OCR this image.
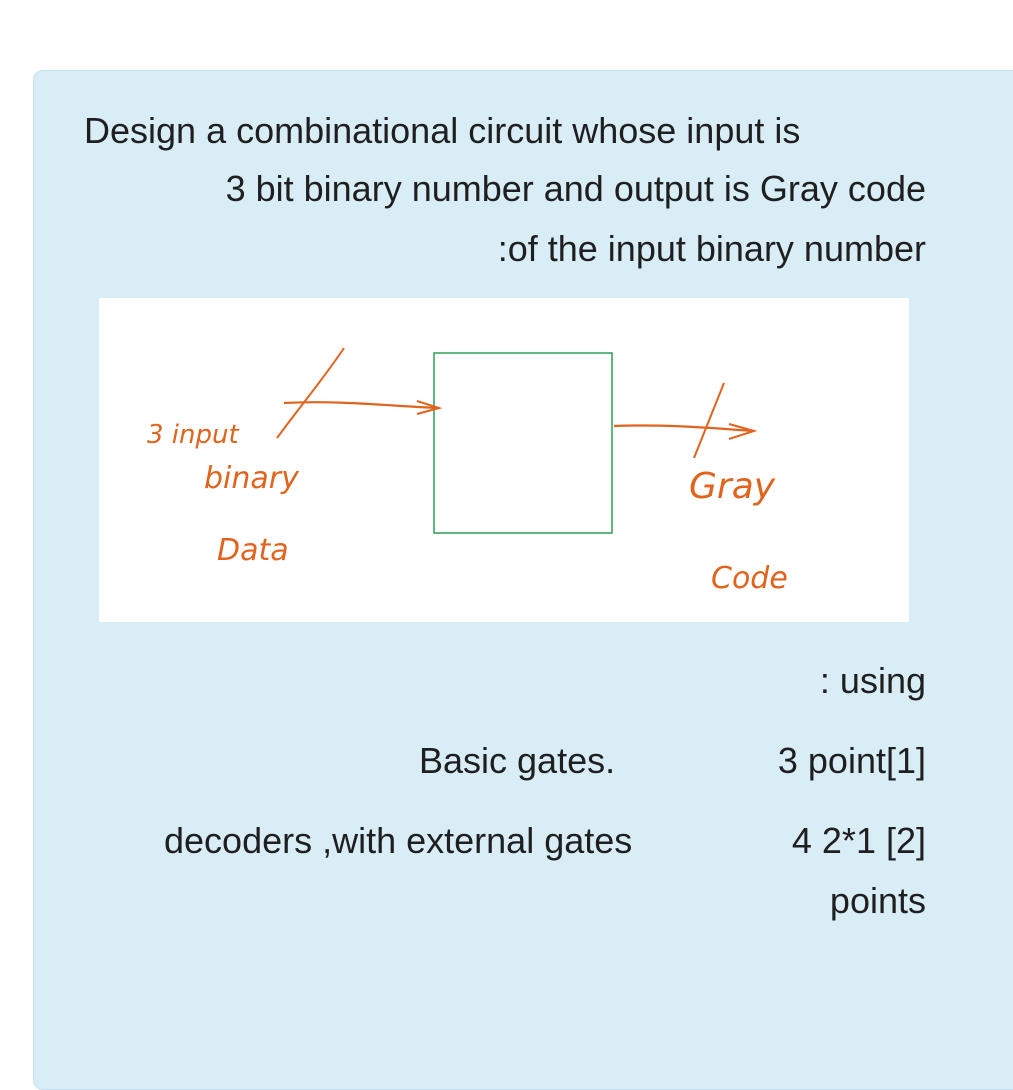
Design a combinational circuit whose input is
3 bit binary number and output is Gray code
:of the input binary number
3 input
binary
Data
Gray
Code
: using
Basic gates.	3 point[1]
decoders ,with external gates	4 2*1 [2]
points
